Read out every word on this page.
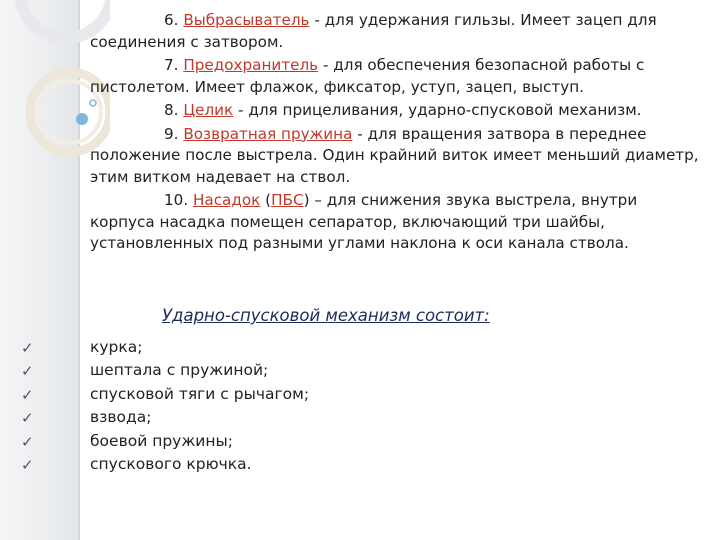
6. Выбрасыватель - для удержания гильзы. Имеет зацеп для соединения с затвором.

7. Предохранитель - для обеспечения безопасной работы с пистолетом. Имеет флажок, фиксатор, уступ, зацеп, выступ.

8. Целик - для прицеливания, ударно-спусковой механизм.

9. Возвратная пружина - для вращения затвора в переднее положение после выстрела. Один крайний виток имеет меньший диаметр, этим витком надевает на ствол.

10. Насадок (ПБС) – для снижения звука выстрела, внутри корпуса насадка помещен сепаратор, включающий три шайбы, установленных под разными углами наклона к оси канала ствола.

Ударно-спусковой механизм состоит:
✓	курка;
✓	шептала с пружиной;
✓	спусковой тяги с рычагом;
✓	взвода;
✓	боевой пружины;
✓	спускового крючка.
